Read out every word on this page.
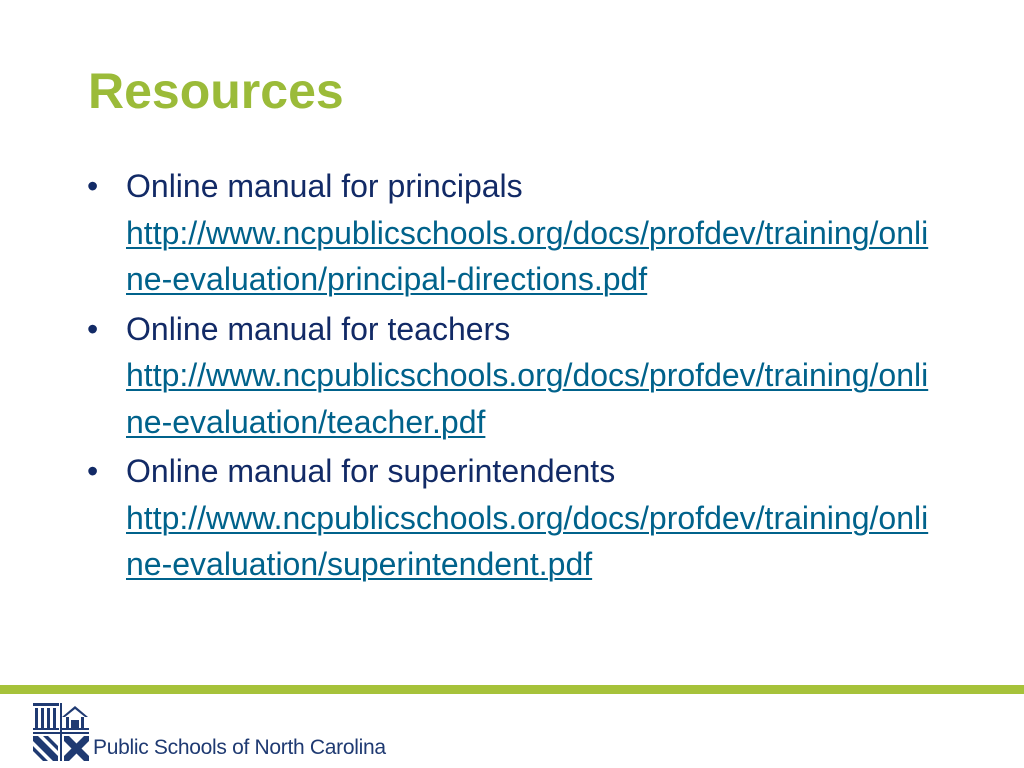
Resources
• Online manual for principals
http://www.ncpublicschools.org/docs/profdev/training/online-evaluation/principal-directions.pdf
• Online manual for teachers
http://www.ncpublicschools.org/docs/profdev/training/online-evaluation/teacher.pdf
• Online manual for superintendents
http://www.ncpublicschools.org/docs/profdev/training/online-evaluation/superintendent.pdf
Public Schools of North Carolina
